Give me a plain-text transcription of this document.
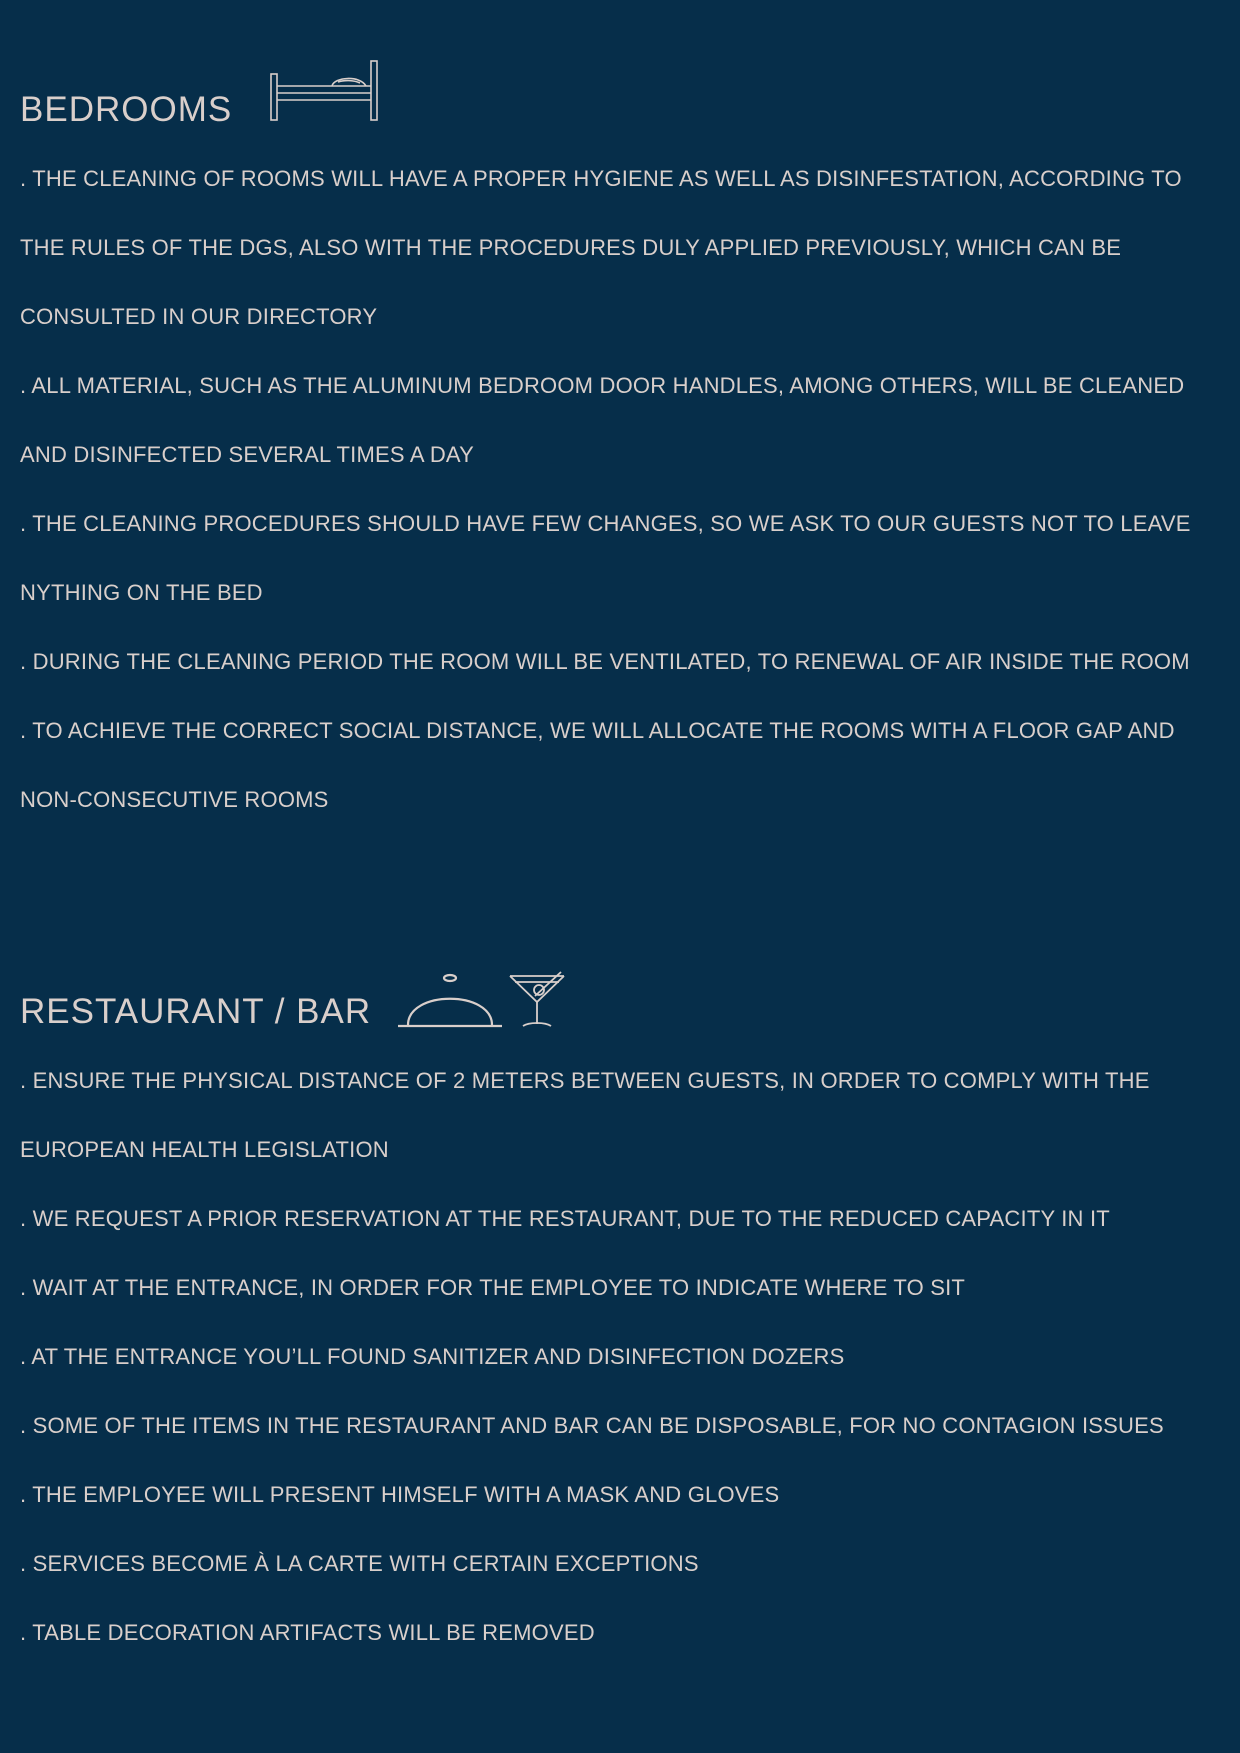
BEDROOMS
. THE CLEANING OF ROOMS WILL HAVE A PROPER HYGIENE AS WELL AS DISINFESTATION, ACCORDING TO THE RULES OF THE DGS, ALSO WITH THE PROCEDURES DULY APPLIED PREVIOUSLY, WHICH CAN BE CONSULTED IN OUR DIRECTORY
. ALL MATERIAL, SUCH AS THE ALUMINUM BEDROOM DOOR HANDLES, AMONG OTHERS, WILL BE CLEANED AND DISINFECTED SEVERAL TIMES A DAY
. THE CLEANING PROCEDURES SHOULD HAVE FEW CHANGES, SO WE ASK TO OUR GUESTS NOT TO LEAVE NYTHING ON THE BED
. DURING THE CLEANING PERIOD THE ROOM WILL BE VENTILATED, TO RENEWAL OF AIR INSIDE THE ROOM
. TO ACHIEVE THE CORRECT SOCIAL DISTANCE, WE WILL ALLOCATE THE ROOMS WITH A FLOOR GAP AND NON-CONSECUTIVE ROOMS
RESTAURANT / BAR
. ENSURE THE PHYSICAL DISTANCE OF 2 METERS BETWEEN GUESTS, IN ORDER TO COMPLY WITH THE EUROPEAN HEALTH LEGISLATION
. WE REQUEST A PRIOR RESERVATION AT THE RESTAURANT, DUE TO THE REDUCED CAPACITY IN IT
. WAIT AT THE ENTRANCE, IN ORDER FOR THE EMPLOYEE TO INDICATE WHERE TO SIT
. AT THE ENTRANCE YOU’LL FOUND SANITIZER AND DISINFECTION DOZERS
. SOME OF THE ITEMS IN THE RESTAURANT AND BAR CAN BE DISPOSABLE, FOR NO CONTAGION ISSUES
. THE EMPLOYEE WILL PRESENT HIMSELF WITH A MASK AND GLOVES
. SERVICES BECOME À LA CARTE WITH CERTAIN EXCEPTIONS
. TABLE DECORATION ARTIFACTS WILL BE REMOVED
